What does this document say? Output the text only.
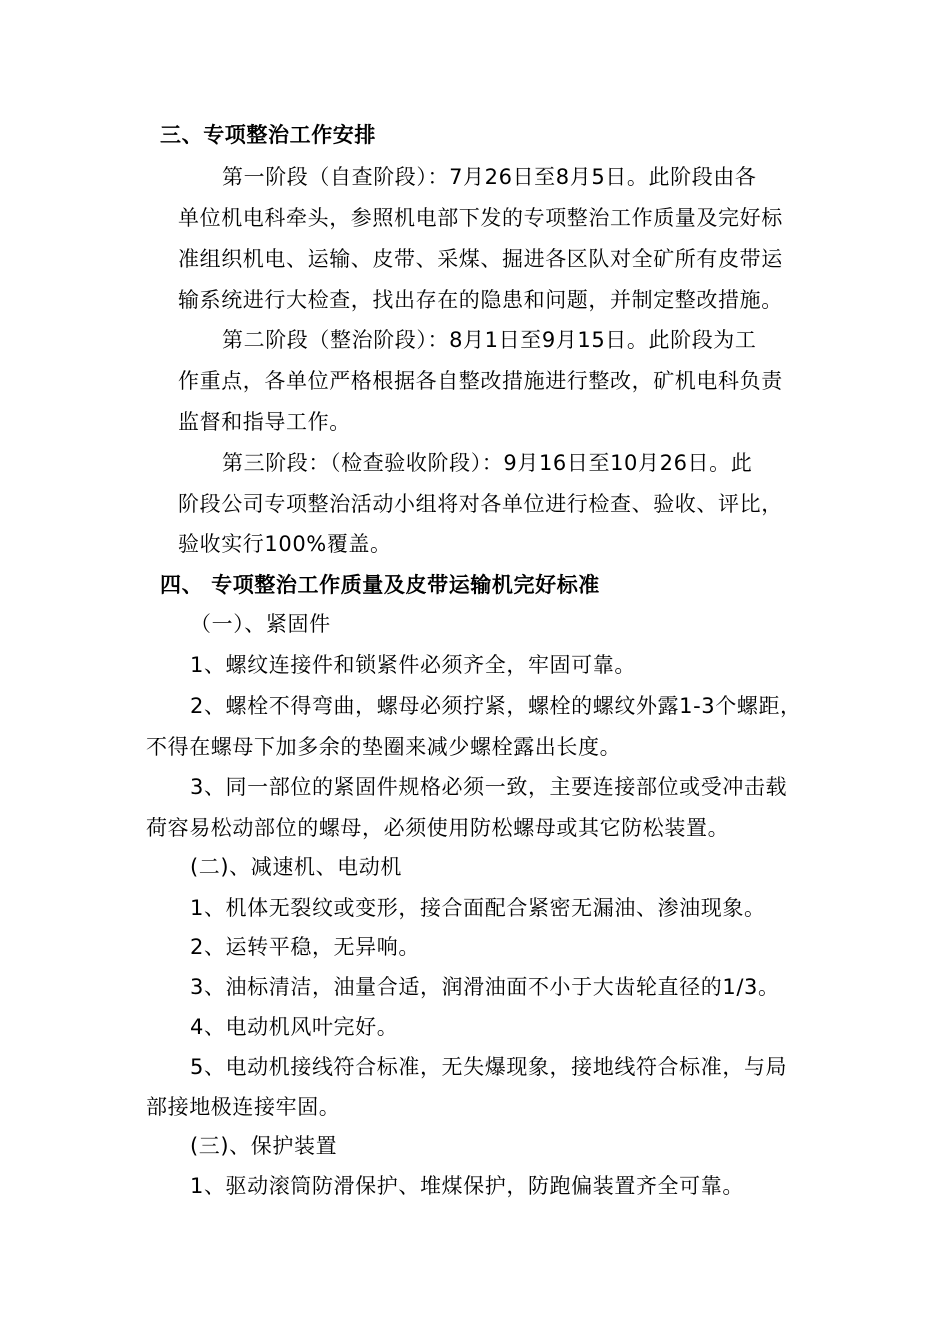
三、专项整治工作安排
第一阶段（自查阶段）：7月26日至8月5日。此阶段由各
单位机电科牵头，参照机电部下发的专项整治工作质量及完好标
准组织机电、运输、皮带、采煤、掘进各区队对全矿所有皮带运
输系统进行大检查，找出存在的隐患和问题，并制定整改措施。
第二阶段（整治阶段）：8月1日至9月15日。此阶段为工
作重点，各单位严格根据各自整改措施进行整改，矿机电科负责
监督和指导工作。
第三阶段：（检查验收阶段）：9月16日至10月26日。此
阶段公司专项整治活动小组将对各单位进行检查、验收、评比，
验收实行100%覆盖。
四、 专项整治工作质量及皮带运输机完好标准
（一）、紧固件
1、螺纹连接件和锁紧件必须齐全，牢固可靠。
2、螺栓不得弯曲，螺母必须拧紧，螺栓的螺纹外露1-3个螺距，
不得在螺母下加多余的垫圈来减少螺栓露出长度。
3、同一部位的紧固件规格必须一致，主要连接部位或受冲击载
荷容易松动部位的螺母，必须使用防松螺母或其它防松装置。
(二)、减速机、电动机
1、机体无裂纹或变形，接合面配合紧密无漏油、渗油现象。
2、运转平稳，无异响。
3、油标清洁，油量合适，润滑油面不小于大齿轮直径的1/3。
4、电动机风叶完好。
5、电动机接线符合标准，无失爆现象，接地线符合标准，与局
部接地极连接牢固。
(三)、保护装置
1、驱动滚筒防滑保护、堆煤保护，防跑偏装置齐全可靠。
